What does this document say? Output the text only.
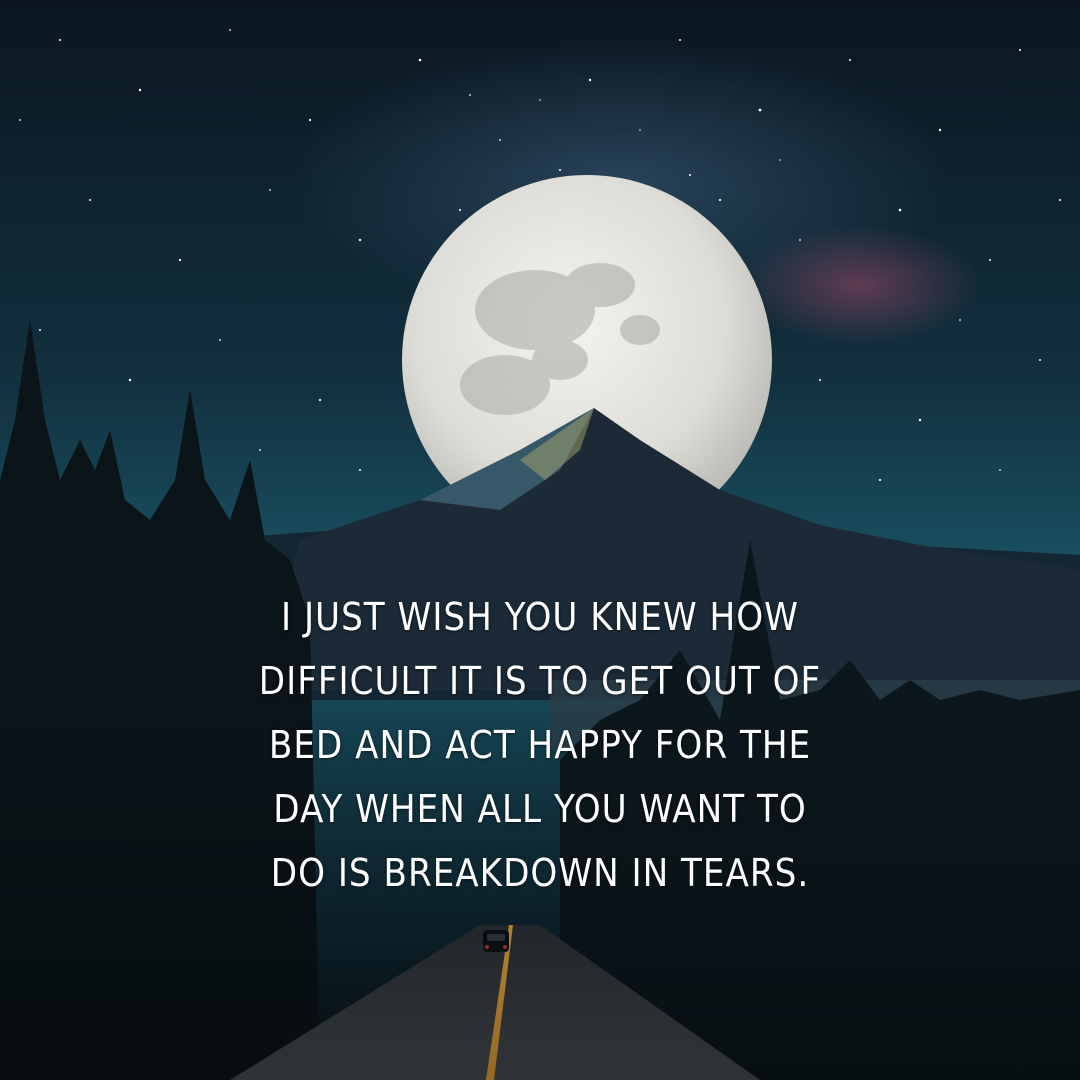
I JUST WISH YOU KNEW HOW
DIFFICULT IT IS TO GET OUT OF
BED AND ACT HAPPY FOR THE
DAY WHEN ALL YOU WANT TO
DO IS BREAKDOWN IN TEARS.
